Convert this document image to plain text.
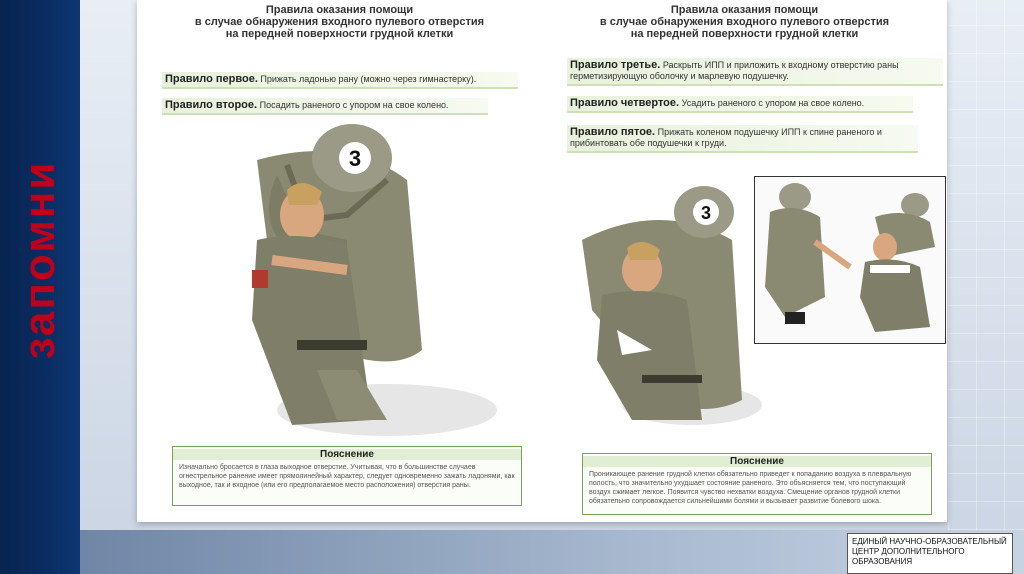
запомни
Правила оказания помощи
в случае обнаружения входного пулевого отверстия
на передней поверхности грудной клетки
Правило первое. Прижать ладонью рану (можно через гимнастерку).
Правило второе. Посадить раненого с упором на свое колено.
3
Пояснение
Изначально бросается в глаза выходное отверстие. Учитывая, что в большинстве случаев огнестрельное ранение имеет прямолинейный характер, следует одновременно зажать ладонями, как выходное, так и входное (или его предполагаемое место расположения) отверстия раны.
Правила оказания помощи
в случае обнаружения входного пулевого отверстия
на передней поверхности грудной клетки
Правило третье. Раскрыть ИПП и приложить к входному отверстию раны герметизирующую оболочку и марлевую подушечку.
Правило четвертое. Усадить раненого с упором на свое колено.
Правило пятое. Прижать коленом подушечку ИПП к спине раненого и прибинтовать обе подушечки к груди.
3
Пояснение
Проникающее ранение грудной клетки обязательно приведет к попаданию воздуха в плевральную полость, что значительно ухудшает состояние раненого. Это объясняется тем, что поступающий воздух сжимает легкое. Появится чувство нехватки воздуха. Смещение органов грудной клетки обязательно сопровождается сильнейшими болями и вызывает развитие болевого шока.
ЕДИНЫЙ НАУЧНО-ОБРАЗОВАТЕЛЬНЫЙ ЦЕНТР ДОПОЛНИТЕЛЬНОГО ОБРАЗОВАНИЯ
